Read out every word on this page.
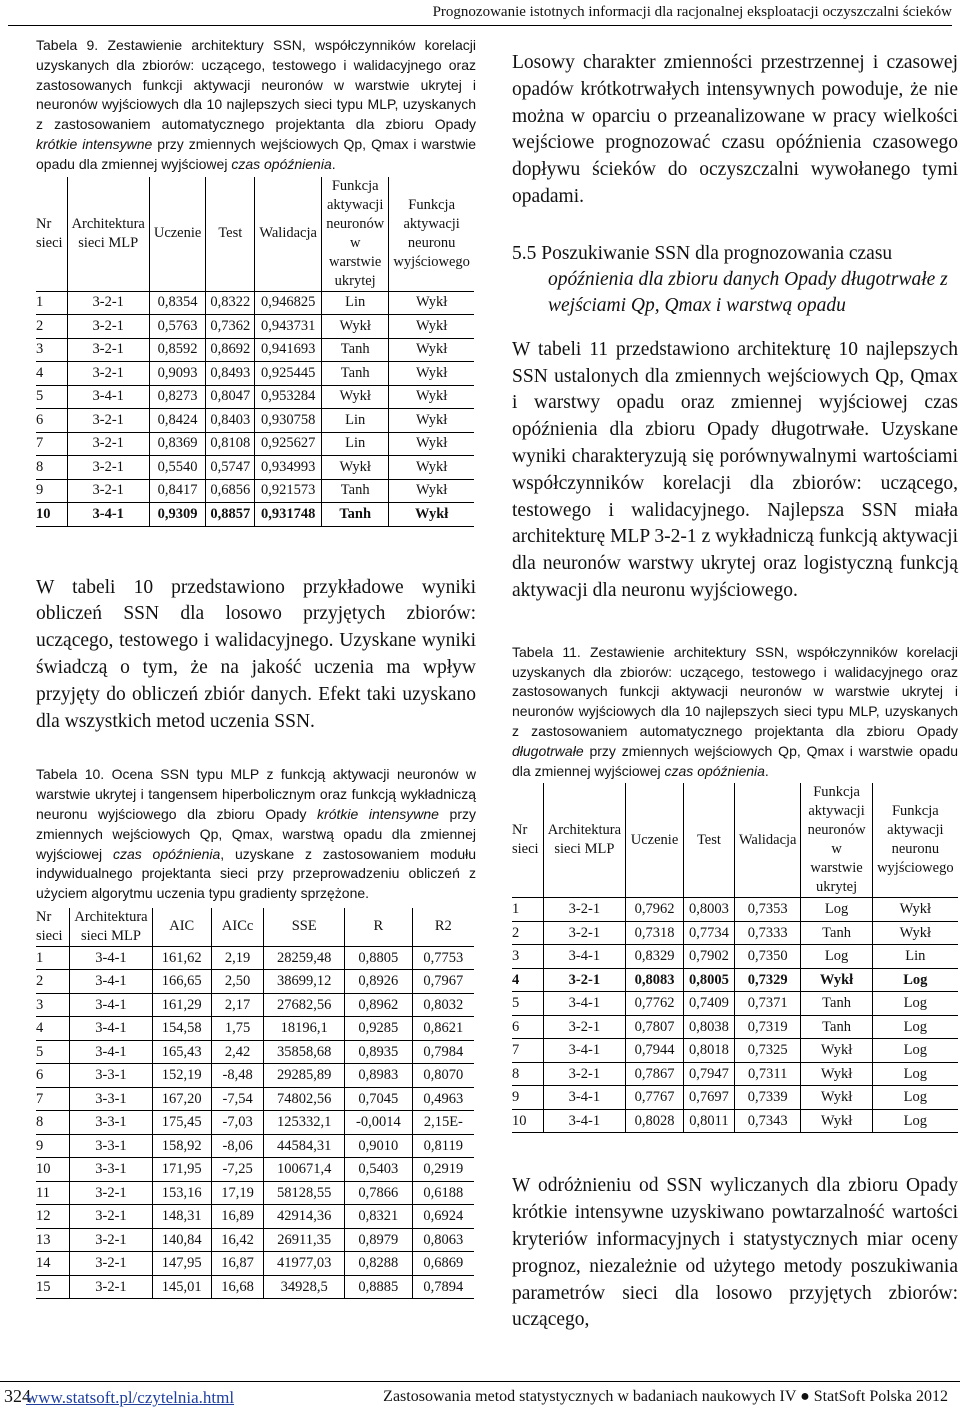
Prognozowanie istotnych informacji dla racjonalnej eksploatacji oczyszczalni ścieków
Tabela 9. Zestawienie architektury SSN, współczynników korelacji uzyskanych dla zbiorów: uczącego, testowego i walidacyjnego oraz zastosowanych funkcji aktywacji neuronów w warstwie ukrytej i neuronów wyjściowych dla 10 najlepszych sieci typu MLP, uzyskanych z zastosowaniem automatycznego projektanta dla zbioru Opady krótkie intensywne przy zmiennych wejściowych Qp, Qmax i warstwie opadu dla zmiennej wyjściowej czas opóźnienia.
Nr sieci	Architektura sieci MLP	Uczenie	Test	Walidacja	Funkcja aktywacji neuronów w warstwie ukrytej	Funkcja aktywacji neuronu wyjściowego
1	3-2-1	0,8354	0,8322	0,946825	Lin	Wykł
2	3-2-1	0,5763	0,7362	0,943731	Wykł	Wykł
3	3-2-1	0,8592	0,8692	0,941693	Tanh	Wykł
4	3-2-1	0,9093	0,8493	0,925445	Tanh	Wykł
5	3-4-1	0,8273	0,8047	0,953284	Wykł	Wykł
6	3-2-1	0,8424	0,8403	0,930758	Lin	Wykł
7	3-2-1	0,8369	0,8108	0,925627	Lin	Wykł
8	3-2-1	0,5540	0,5747	0,934993	Wykł	Wykł
9	3-2-1	0,8417	0,6856	0,921573	Tanh	Wykł
10	3-4-1	0,9309	0,8857	0,931748	Tanh	Wykł
W tabeli 10 przedstawiono przykładowe wyniki obliczeń SSN dla losowo przyjętych zbiorów: uczącego, testowego i walidacyjnego. Uzyskane wyniki świadczą o tym, że na jakość uczenia ma wpływ przyjęty do obliczeń zbiór danych. Efekt taki uzyskano dla wszystkich metod uczenia SSN.
Tabela 10. Ocena SSN typu MLP z funkcją aktywacji neuronów w warstwie ukrytej i tangensem hiperbolicznym oraz funkcją wykładniczą neuronu wyjściowego dla zbioru Opady krótkie intensywne przy zmiennych wejściowych Qp, Qmax, warstwą opadu dla zmiennej wyjściowej czas opóźnienia, uzyskane z zastosowaniem modułu indywidualnego projektanta sieci przy przeprowadzeniu obliczeń z użyciem algorytmu uczenia typu gradienty sprzężone.
Nr sieci	Architektura sieci MLP	AIC	AICc	SSE	R	R2
1	3-4-1	161,62	2,19	28259,48	0,8805	0,7753
2	3-4-1	166,65	2,50	38699,12	0,8926	0,7967
3	3-4-1	161,29	2,17	27682,56	0,8962	0,8032
4	3-4-1	154,58	1,75	18196,1	0,9285	0,8621
5	3-4-1	165,43	2,42	35858,68	0,8935	0,7984
6	3-3-1	152,19	-8,48	29285,89	0,8983	0,8070
7	3-3-1	167,20	-7,54	74802,56	0,7045	0,4963
8	3-3-1	175,45	-7,03	125332,1	-0,0014	2,15E-
9	3-3-1	158,92	-8,06	44584,31	0,9010	0,8119
10	3-3-1	171,95	-7,25	100671,4	0,5403	0,2919
11	3-2-1	153,16	17,19	58128,55	0,7866	0,6188
12	3-2-1	148,31	16,89	42914,36	0,8321	0,6924
13	3-2-1	140,84	16,42	26911,35	0,8979	0,8063
14	3-2-1	147,95	16,87	41977,03	0,8288	0,6869
15	3-2-1	145,01	16,68	34928,5	0,8885	0,7894
Losowy charakter zmienności przestrzennej i czasowej opadów krótkotrwałych intensywnych powoduje, że nie można w oparciu o przeanalizowane w pracy wielkości wejściowe prognozować czasu opóźnienia czasowego dopływu ścieków do oczyszczalni wywołanego tymi opadami.
5.5 Poszukiwanie SSN dla prognozowania czasu
opóźnienia dla zbioru danych Opady długotrwałe z wejściami Qp, Qmax i warstwą opadu
W tabeli 11 przedstawiono architekturę 10 najlepszych SSN ustalonych dla zmiennych wejściowych Qp, Qmax i warstwy opadu oraz zmiennej wyjściowej czas opóźnienia dla zbioru Opady długotrwałe. Uzyskane wyniki charakteryzują się porównywalnymi wartościami współczynników korelacji dla zbiorów: uczącego, testowego i walidacyjnego. Najlepsza SSN miała architekturę MLP 3-2-1 z wykładniczą funkcją aktywacji dla neuronów warstwy ukrytej oraz logistyczną funkcją aktywacji dla neuronu wyjściowego.
Tabela 11. Zestawienie architektury SSN, współczynników korelacji uzyskanych dla zbiorów: uczącego, testowego i walidacyjnego oraz zastosowanych funkcji aktywacji neuronów w warstwie ukrytej i neuronów wyjściowych dla 10 najlepszych sieci typu MLP, uzyskanych z zastosowaniem automatycznego projektanta dla zbioru Opady długotrwałe przy zmiennych wejściowych Qp, Qmax i warstwie opadu dla zmiennej wyjściowej czas opóźnienia.
Nr sieci	Architektura sieci MLP	Uczenie	Test	Walidacja	Funkcja aktywacji neuronów w warstwie ukrytej	Funkcja aktywacji neuronu wyjściowego
1	3-2-1	0,7962	0,8003	0,7353	Log	Wykł
2	3-2-1	0,7318	0,7734	0,7333	Tanh	Wykł
3	3-4-1	0,8329	0,7902	0,7350	Log	Lin
4	3-2-1	0,8083	0,8005	0,7329	Wykł	Log
5	3-4-1	0,7762	0,7409	0,7371	Tanh	Log
6	3-2-1	0,7807	0,8038	0,7319	Tanh	Log
7	3-4-1	0,7944	0,8018	0,7325	Wykł	Log
8	3-2-1	0,7867	0,7947	0,7311	Wykł	Log
9	3-4-1	0,7767	0,7697	0,7339	Wykł	Log
10	3-4-1	0,8028	0,8011	0,7343	Wykł	Log
W odróżnieniu od SSN wyliczanych dla zbioru Opady krótkie intensywne uzyskiwano powtarzalność wartości kryteriów informacyjnych i statystycznych miar oceny prognoz, niezależnie od użytego metody poszukiwania parametrów sieci dla losowo przyjętych zbiorów: uczącego,
324
www.statsoft.pl/czytelnia.html	Zastosowania metod statystycznych w badaniach naukowych IV ● StatSoft Polska 2012
